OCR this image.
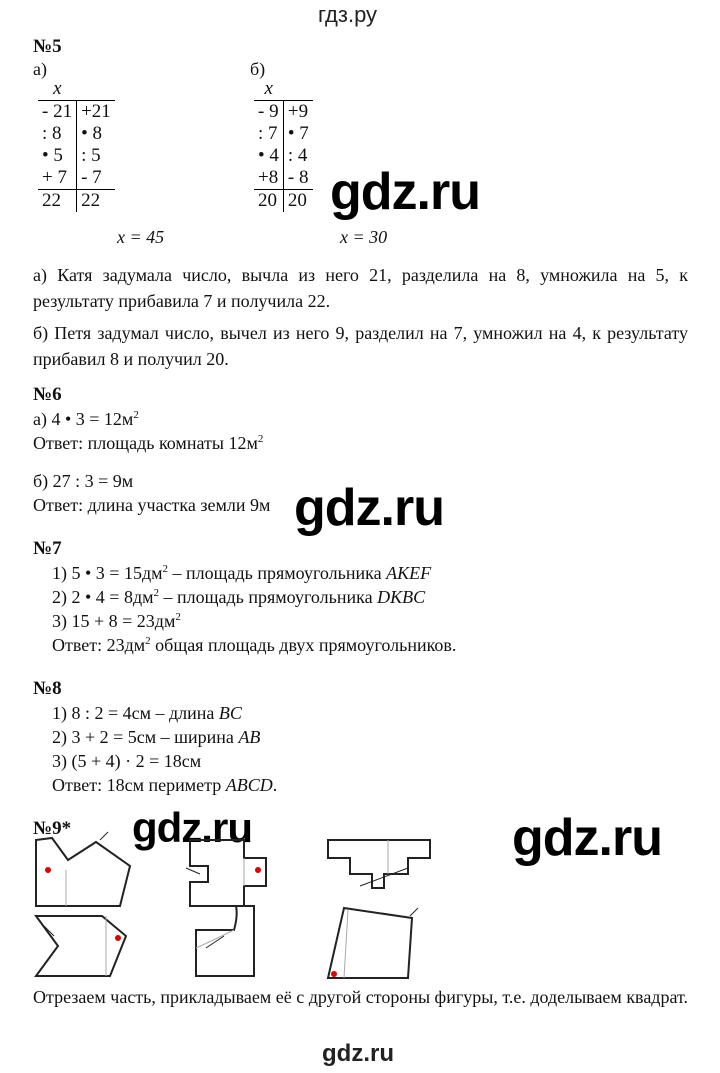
гдз.ру
№5
а)	б)
x	
- 21	+21
: 8	• 8
• 5	: 5
+ 7	- 7
22	22
x = 45
x	
- 9	+9
: 7	• 7
• 4	: 4
+8	- 8
20	20
x = 30
gdz.ru
а) Катя задумала число, вычла из него 21, разделила на 8, умножила на 5, к результату прибавила 7 и получила 22.
б) Петя задумал число, вычел из него 9, разделил на 7, умножил на 4, к результату прибавил 8 и получил 20.
№6
а) 4 • $3 = 12м^2$
Ответ: площадь комнаты $12м^2$
б) 27 : 3 = 9м
Ответ: длина участка земли 9м gdz.ru
№7
1) 5 • $3 = 15дм^2$ – площадь прямоугольника AKEF
2) 2 • $4 = 8дм^2$ – площадь прямоугольника DKBC
3) $15 + 8 = 23дм^2$
Ответ: $23дм^2$ общая площадь двух прямоугольников.
№8
1) 8 : 2 = 4см – длина BC
2) 3 + 2 = 5см – ширина AB
3) (5 + 4) · 2 = 18см
Ответ: 18см периметр ABCD.
№9* gdz.ru	gdz.ru
Отрезаем часть, прикладываем её с другой стороны фигуры, т.е. доделываем квадрат.
gdz.ru
